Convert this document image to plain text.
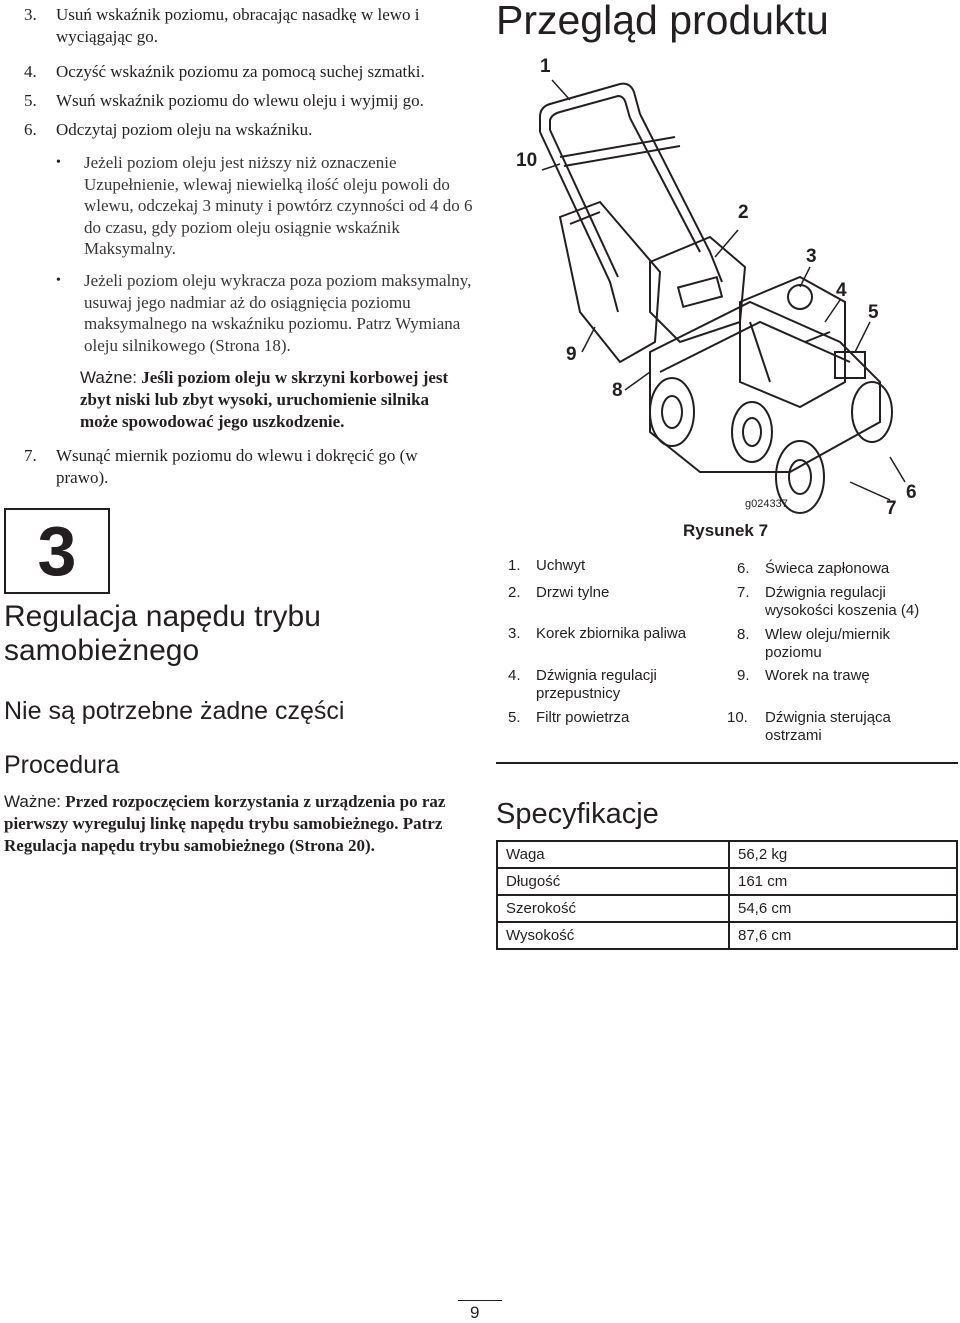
3. Usuń wskaźnik poziomu, obracając nasadkę w lewo i wyciągając go.
4. Oczyść wskaźnik poziomu za pomocą suchej szmatki.
5. Wsuń wskaźnik poziomu do wlewu oleju i wyjmij go.
6. Odczytaj poziom oleju na wskaźniku.
• Jeżeli poziom oleju jest niższy niż oznaczenie Uzupełnienie, wlewaj niewielką ilość oleju powoli do wlewu, odczekaj 3 minuty i powtórz czynności od 4 do 6 do czasu, gdy poziom oleju osiągnie wskaźnik Maksymalny.
• Jeżeli poziom oleju wykracza poza poziom maksymalny, usuwaj jego nadmiar aż do osiągnięcia poziomu maksymalnego na wskaźniku poziomu. Patrz Wymiana oleju silnikowego (Strona 18).
Ważne: Jeśli poziom oleju w skrzyni korbowej jest zbyt niski lub zbyt wysoki, uruchomienie silnika może spowodować jego uszkodzenie.
7. Wsunąć miernik poziomu do wlewu i dokręcić go (w prawo).
3
Regulacja napędu trybu samobieżnego
Nie są potrzebne żadne części
Procedura
Ważne: Przed rozpoczęciem korzystania z urządzenia po raz pierwszy wyreguluj linkę napędu trybu samobieżnego. Patrz Regulacja napędu trybu samobieżnego (Strona 20).
Przegląd produktu
1
2
3
4
5
6
7
8
9
10
g024337
Rysunek 7
1. Uchwyt
2. Drzwi tylne
3. Korek zbiornika paliwa
4. Dźwignia regulacji przepustnicy
5. Filtr powietrza
6. Świeca zapłonowa
7. Dźwignia regulacji wysokości koszenia (4)
8. Wlew oleju/miernik poziomu
9. Worek na trawę
10. Dźwignia sterująca ostrzami
Specyfikacje
Waga	56,2 kg
Długość	161 cm
Szerokość	54,6 cm
Wysokość	87,6 cm
9
